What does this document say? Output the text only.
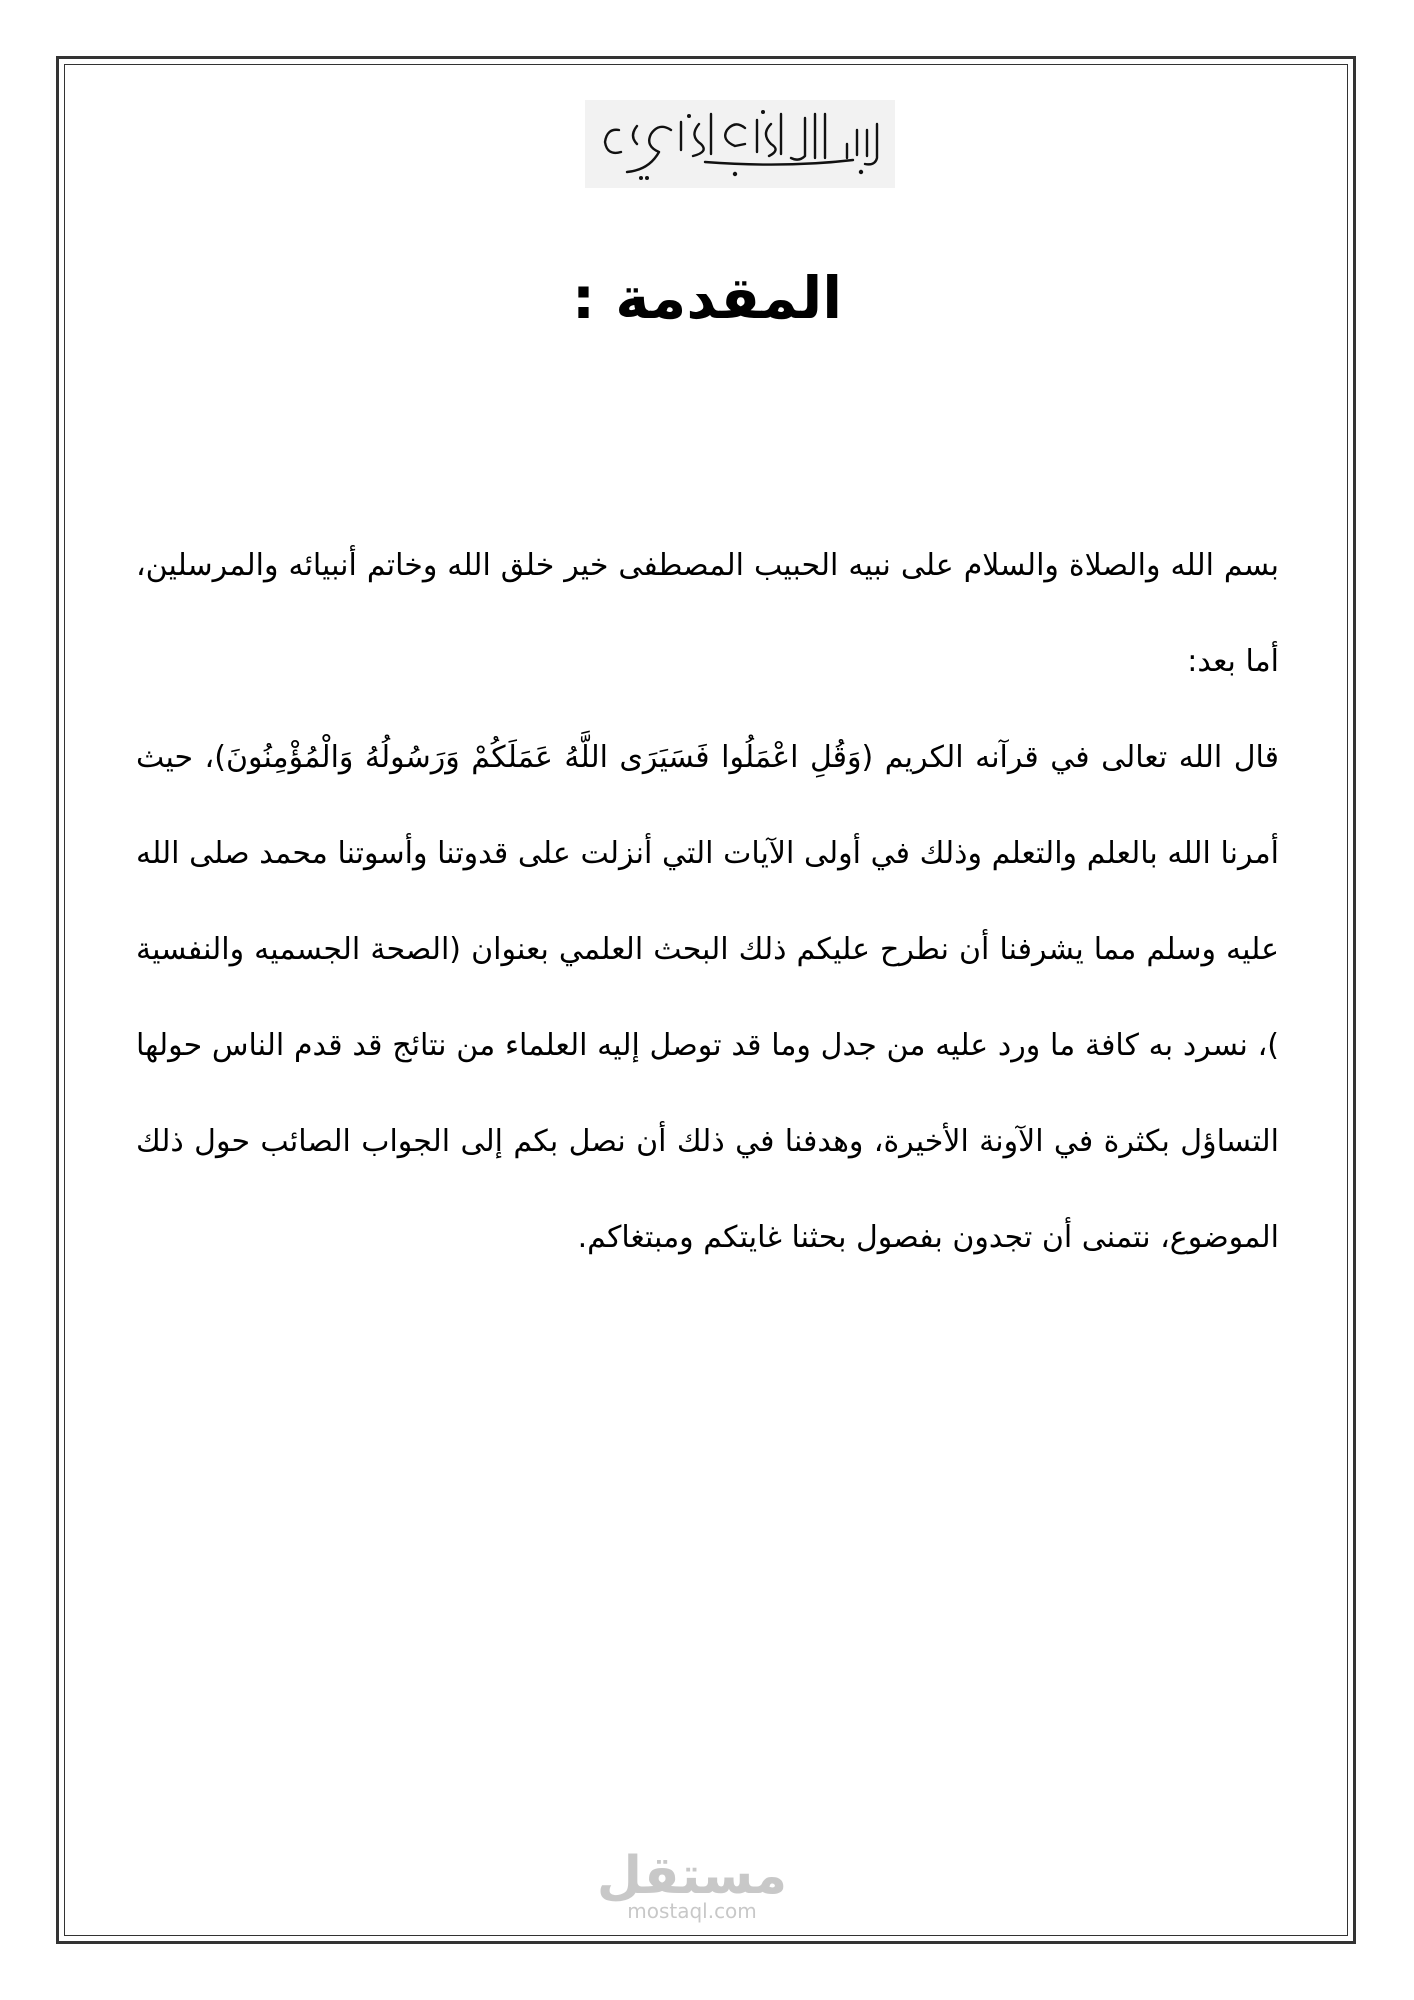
المقدمة :

بسم الله والصلاة والسلام على نبيه الحبيب المصطفى خير خلق الله وخاتم أنبيائه والمرسلين، أما بعد:

قال الله تعالى في قرآنه الكريم (وَقُلِ اعْمَلُوا فَسَيَرَى اللَّهُ عَمَلَكُمْ وَرَسُولُهُ وَالْمُؤْمِنُونَ)، حيث أمرنا الله بالعلم والتعلم وذلك في أولى الآيات التي أنزلت على قدوتنا وأسوتنا محمد صلى الله عليه وسلم مما يشرفنا أن نطرح عليكم ذلك البحث العلمي بعنوان (الصحة الجسميه والنفسية )، نسرد به كافة ما ورد عليه من جدل وما قد توصل إليه العلماء من نتائج قد قدم الناس حولها التساؤل بكثرة في الآونة الأخيرة، وهدفنا في ذلك أن نصل بكم إلى الجواب الصائب حول ذلك الموضوع، نتمنى أن تجدون بفصول بحثنا غايتكم ومبتغاكم.

مستقل
mostaql.com
